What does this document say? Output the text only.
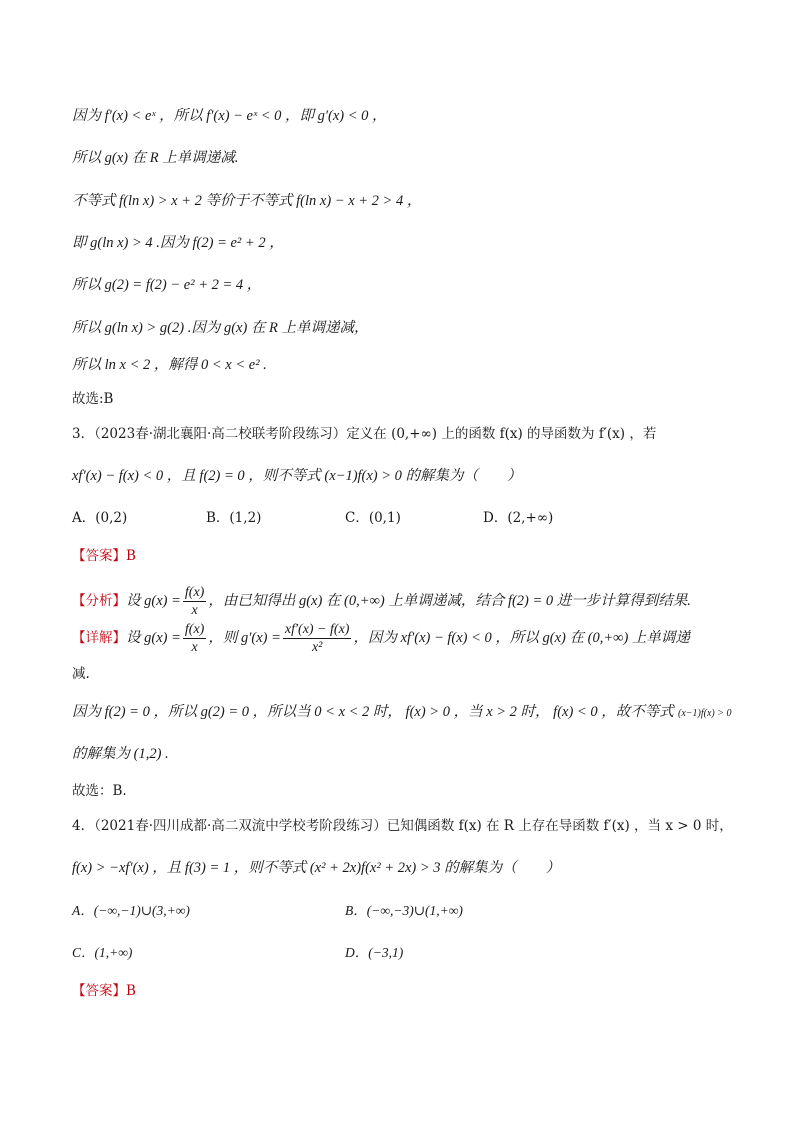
因为 f′(x) < eˣ ，所以 f′(x) − eˣ < 0 ，即 g′(x) < 0 ，
所以 g(x) 在 R 上单调递减.
不等式 f(ln x) > x + 2 等价于不等式 f(ln x) − x + 2 > 4 ，
即 g(ln x) > 4 .因为 f(2) = e² + 2 ，
所以 g(2) = f(2) − e² + 2 = 4 ，
所以 g(ln x) > g(2) .因为 g(x) 在 R 上单调递减，
所以 ln x < 2 ，解得 0 < x < e² .
故选:B
3．（2023春·湖北襄阳·高二校联考阶段练习）定义在 (0,+∞) 上的函数 f(x) 的导函数为 f′(x) ，若
xf′(x) − f(x) < 0 ，且 f(2) = 0 ，则不等式 (x−1)f(x) > 0 的解集为（　　）
A．(0,2)	B．(1,2)	C．(0,1)	D．(2,+∞)
【答案】B
【分析】设 $g(x) = \frac{f(x)}{x}$ ，由已知得出 g(x) 在 (0,+∞) 上单调递减，结合 f(2) = 0 进一步计算得到结果.
【详解】设 $g(x) = \frac{f(x)}{x}$ ，则 $g'(x) = \frac{xf'(x) - f(x)}{\text{x²}}$ ，因为 xf′(x) − f(x) < 0 ，所以 g(x) 在 (0,+∞) 上单调递
减.
因为 f(2) = 0 ，所以 g(2) = 0 ，所以当 0 < x < 2 时， f(x) > 0 ，当 x > 2 时， f(x) < 0 ，故不等式 (x−1)f(x) > 0
的解集为 (1,2) .
故选：B.
4．（2021春·四川成都·高二双流中学校考阶段练习）已知偶函数 f(x) 在 R 上存在导函数 f′(x) ，当 x > 0 时，
f(x) > −xf′(x) ，且 f(3) = 1 ，则不等式 (x² + 2x)f(x² + 2x) > 3 的解集为（　　）
A．(−∞,−1)∪(3,+∞)	B．(−∞,−3)∪(1,+∞)
C．(1,+∞)	D．(−3,1)
【答案】B
